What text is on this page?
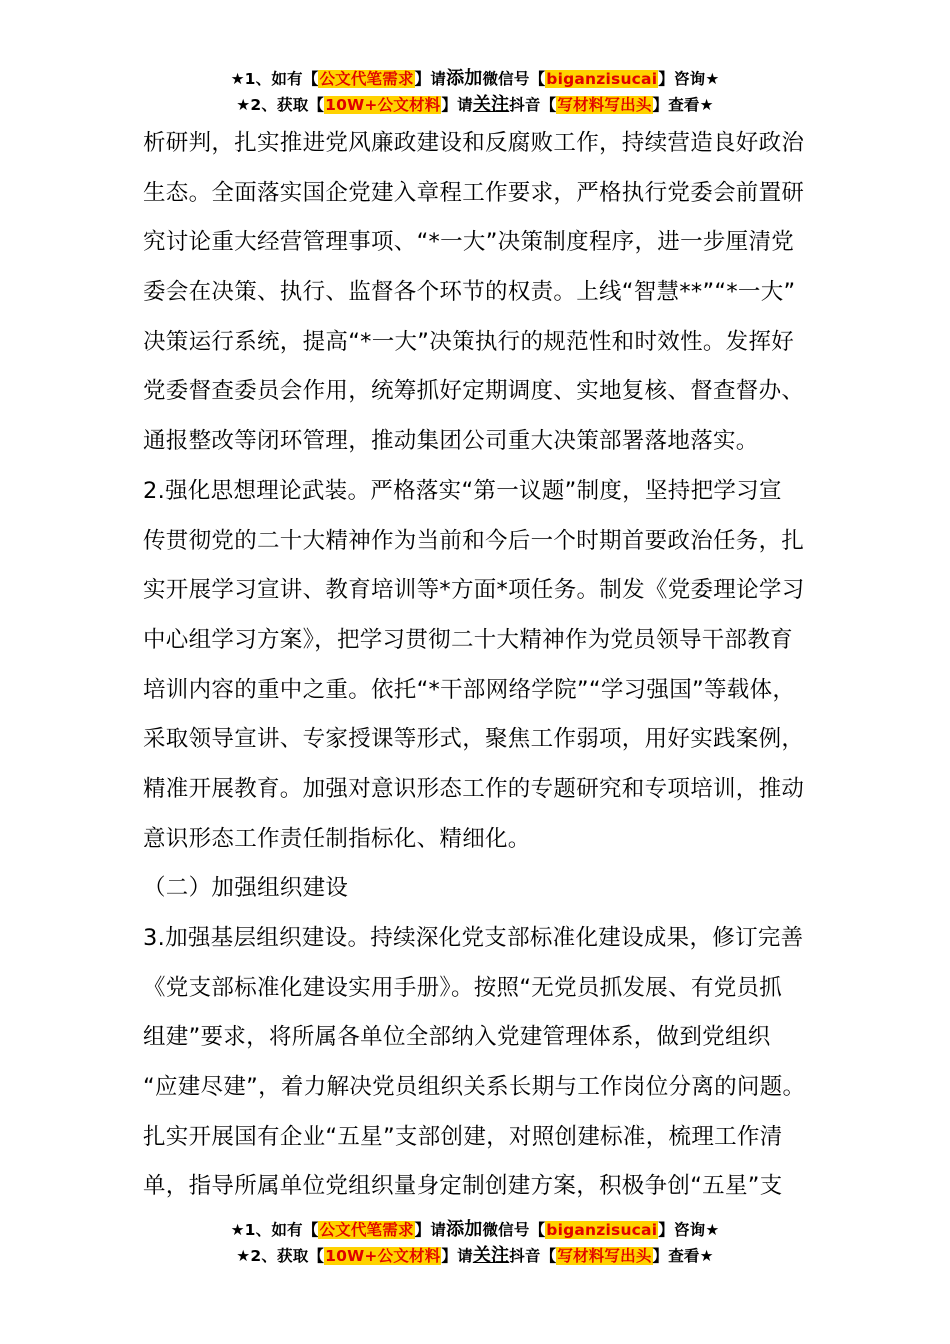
★1、如有【公文代笔需求】请添加微信号【biganzisucai】咨询★
★2、获取【10W+公文材料】请关注抖音【写材料写出头】查看★
析研判，扎实推进党风廉政建设和反腐败工作，持续营造良好政治
生态。全面落实国企党建入章程工作要求，严格执行党委会前置研
究讨论重大经营管理事项、“*一大”决策制度程序，进一步厘清党
委会在决策、执行、监督各个环节的权责。上线“智慧**”“*一大”
决策运行系统，提高“*一大”决策执行的规范性和时效性。发挥好
党委督查委员会作用，统筹抓好定期调度、实地复核、督查督办、
通报整改等闭环管理，推动集团公司重大决策部署落地落实。
2.强化思想理论武装。严格落实“第一议题”制度，坚持把学习宣
传贯彻党的二十大精神作为当前和今后一个时期首要政治任务，扎
实开展学习宣讲、教育培训等*方面*项任务。制发《党委理论学习
中心组学习方案》，把学习贯彻二十大精神作为党员领导干部教育
培训内容的重中之重。依托“*干部网络学院”“学习强国”等载体，
采取领导宣讲、专家授课等形式，聚焦工作弱项，用好实践案例，
精准开展教育。加强对意识形态工作的专题研究和专项培训，推动
意识形态工作责任制指标化、精细化。
（二）加强组织建设
3.加强基层组织建设。持续深化党支部标准化建设成果，修订完善
《党支部标准化建设实用手册》。按照“无党员抓发展、有党员抓
组建”要求，将所属各单位全部纳入党建管理体系，做到党组织
“应建尽建”，着力解决党员组织关系长期与工作岗位分离的问题。
扎实开展国有企业“五星”支部创建，对照创建标准，梳理工作清
单，指导所属单位党组织量身定制创建方案，积极争创“五星”支
★1、如有【公文代笔需求】请添加微信号【biganzisucai】咨询★
★2、获取【10W+公文材料】请关注抖音【写材料写出头】查看★
